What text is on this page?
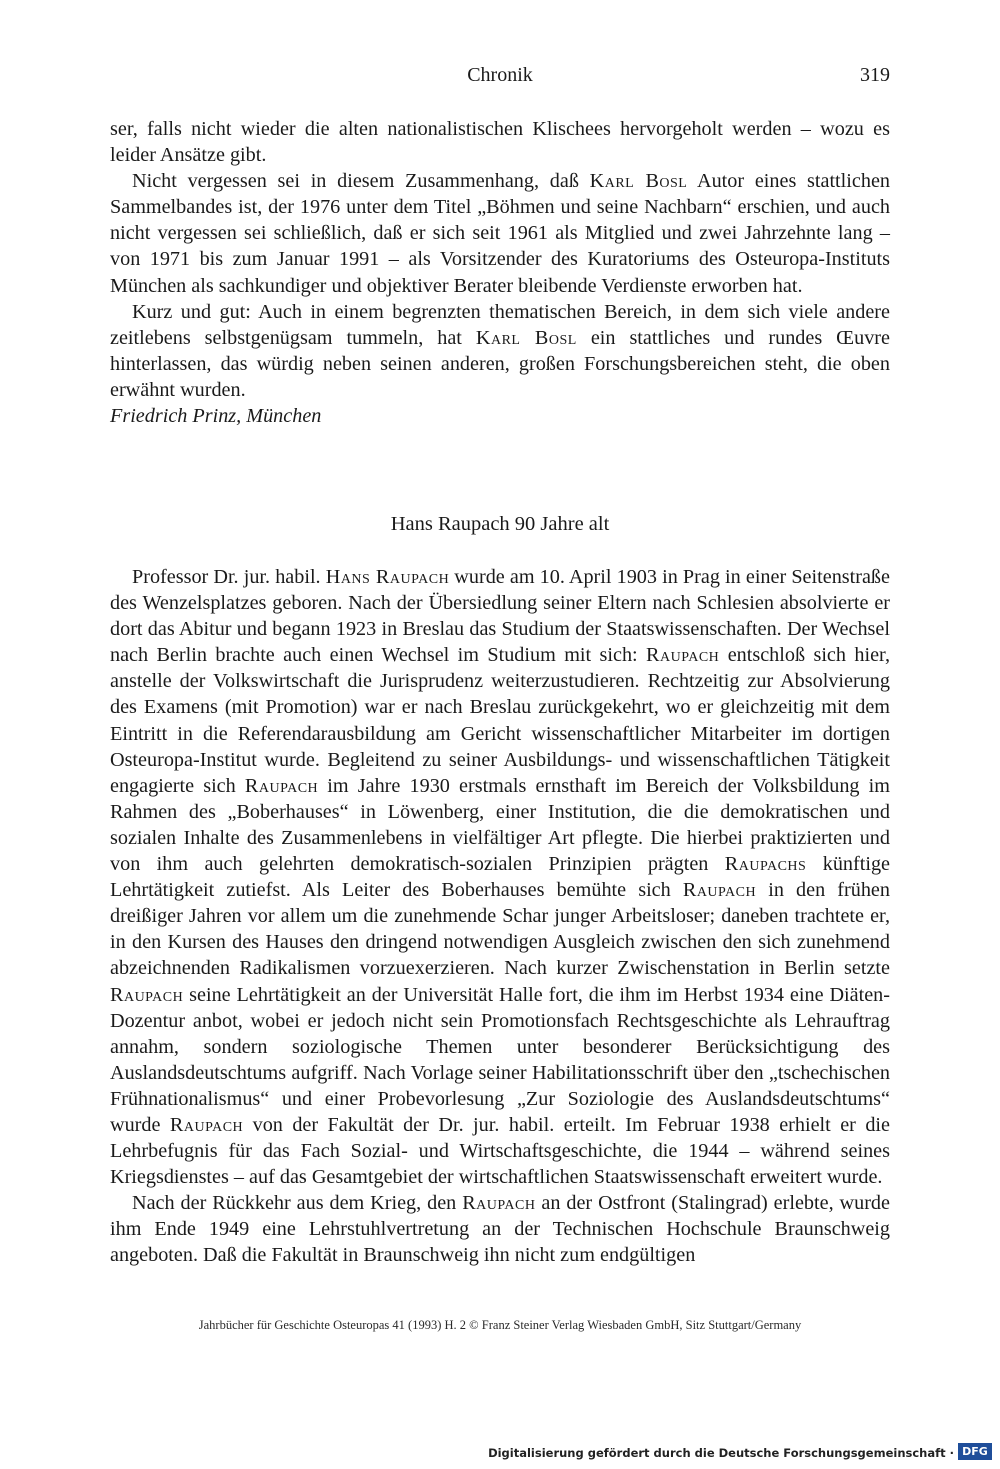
Chronik	319

ser, falls nicht wieder die alten nationalistischen Klischees hervorgeholt werden – wozu es leider Ansätze gibt.

Nicht vergessen sei in diesem Zusammenhang, daß Karl Bosl Autor eines stattlichen Sammelbandes ist, der 1976 unter dem Titel „Böhmen und seine Nachbarn“ erschien, und auch nicht vergessen sei schließlich, daß er sich seit 1961 als Mitglied und zwei Jahrzehnte lang – von 1971 bis zum Januar 1991 – als Vorsitzender des Kuratoriums des Osteuropa-Instituts München als sachkundiger und objektiver Berater bleibende Verdienste erworben hat.

Kurz und gut: Auch in einem begrenzten thematischen Bereich, in dem sich viele andere zeitlebens selbstgenügsam tummeln, hat Karl Bosl ein stattliches und rundes Œuvre hinterlassen, das würdig neben seinen anderen, großen Forschungsbereichen steht, die oben erwähnt wurden.

Friedrich Prinz, München

Hans Raupach 90 Jahre alt

Professor Dr. jur. habil. Hans Raupach wurde am 10. April 1903 in Prag in einer Seitenstraße des Wenzelsplatzes geboren. Nach der Übersiedlung seiner Eltern nach Schlesien absolvierte er dort das Abitur und begann 1923 in Breslau das Studium der Staatswissenschaften. Der Wechsel nach Berlin brachte auch einen Wechsel im Studium mit sich: Raupach entschloß sich hier, anstelle der Volkswirtschaft die Jurisprudenz weiterzustudieren. Rechtzeitig zur Absolvierung des Examens (mit Promotion) war er nach Breslau zurückgekehrt, wo er gleichzeitig mit dem Eintritt in die Referendarausbildung am Gericht wissenschaftlicher Mitarbeiter im dortigen Osteuropa-Institut wurde. Begleitend zu seiner Ausbildungs- und wissenschaftlichen Tätigkeit engagierte sich Raupach im Jahre 1930 erstmals ernsthaft im Bereich der Volksbildung im Rahmen des „Boberhauses“ in Löwenberg, einer Institution, die die demokratischen und sozialen Inhalte des Zusammenlebens in vielfältiger Art pflegte. Die hierbei praktizierten und von ihm auch gelehrten demokratisch-sozialen Prinzipien prägten Raupachs künftige Lehrtätigkeit zutiefst. Als Leiter des Boberhauses bemühte sich Raupach in den frühen dreißiger Jahren vor allem um die zunehmende Schar junger Arbeitsloser; daneben trachtete er, in den Kursen des Hauses den dringend notwendigen Ausgleich zwischen den sich zunehmend abzeichnenden Radikalismen vorzuexerzieren. Nach kurzer Zwischenstation in Berlin setzte Raupach seine Lehrtätigkeit an der Universität Halle fort, die ihm im Herbst 1934 eine Diäten-Dozentur anbot, wobei er jedoch nicht sein Promotionsfach Rechtsgeschichte als Lehrauftrag annahm, sondern soziologische Themen unter besonderer Berücksichtigung des Auslandsdeutschtums aufgriff. Nach Vorlage seiner Habilitationsschrift über den „tschechischen Frühnationalismus“ und einer Probevorlesung „Zur Soziologie des Auslandsdeutschtums“ wurde Raupach von der Fakultät der Dr. jur. habil. erteilt. Im Februar 1938 erhielt er die Lehrbefugnis für das Fach Sozial- und Wirtschaftsgeschichte, die 1944 – während seines Kriegsdienstes – auf das Gesamtgebiet der wirtschaftlichen Staatswissenschaft erweitert wurde.

Nach der Rückkehr aus dem Krieg, den Raupach an der Ostfront (Stalingrad) erlebte, wurde ihm Ende 1949 eine Lehrstuhlvertretung an der Technischen Hochschule Braunschweig angeboten. Daß die Fakultät in Braunschweig ihn nicht zum endgültigen

Jahrbücher für Geschichte Osteuropas 41 (1993) H. 2 © Franz Steiner Verlag Wiesbaden GmbH, Sitz Stuttgart/Germany
Digitalisierung gefördert durch die Deutsche Forschungsgemeinschaft · DFG
